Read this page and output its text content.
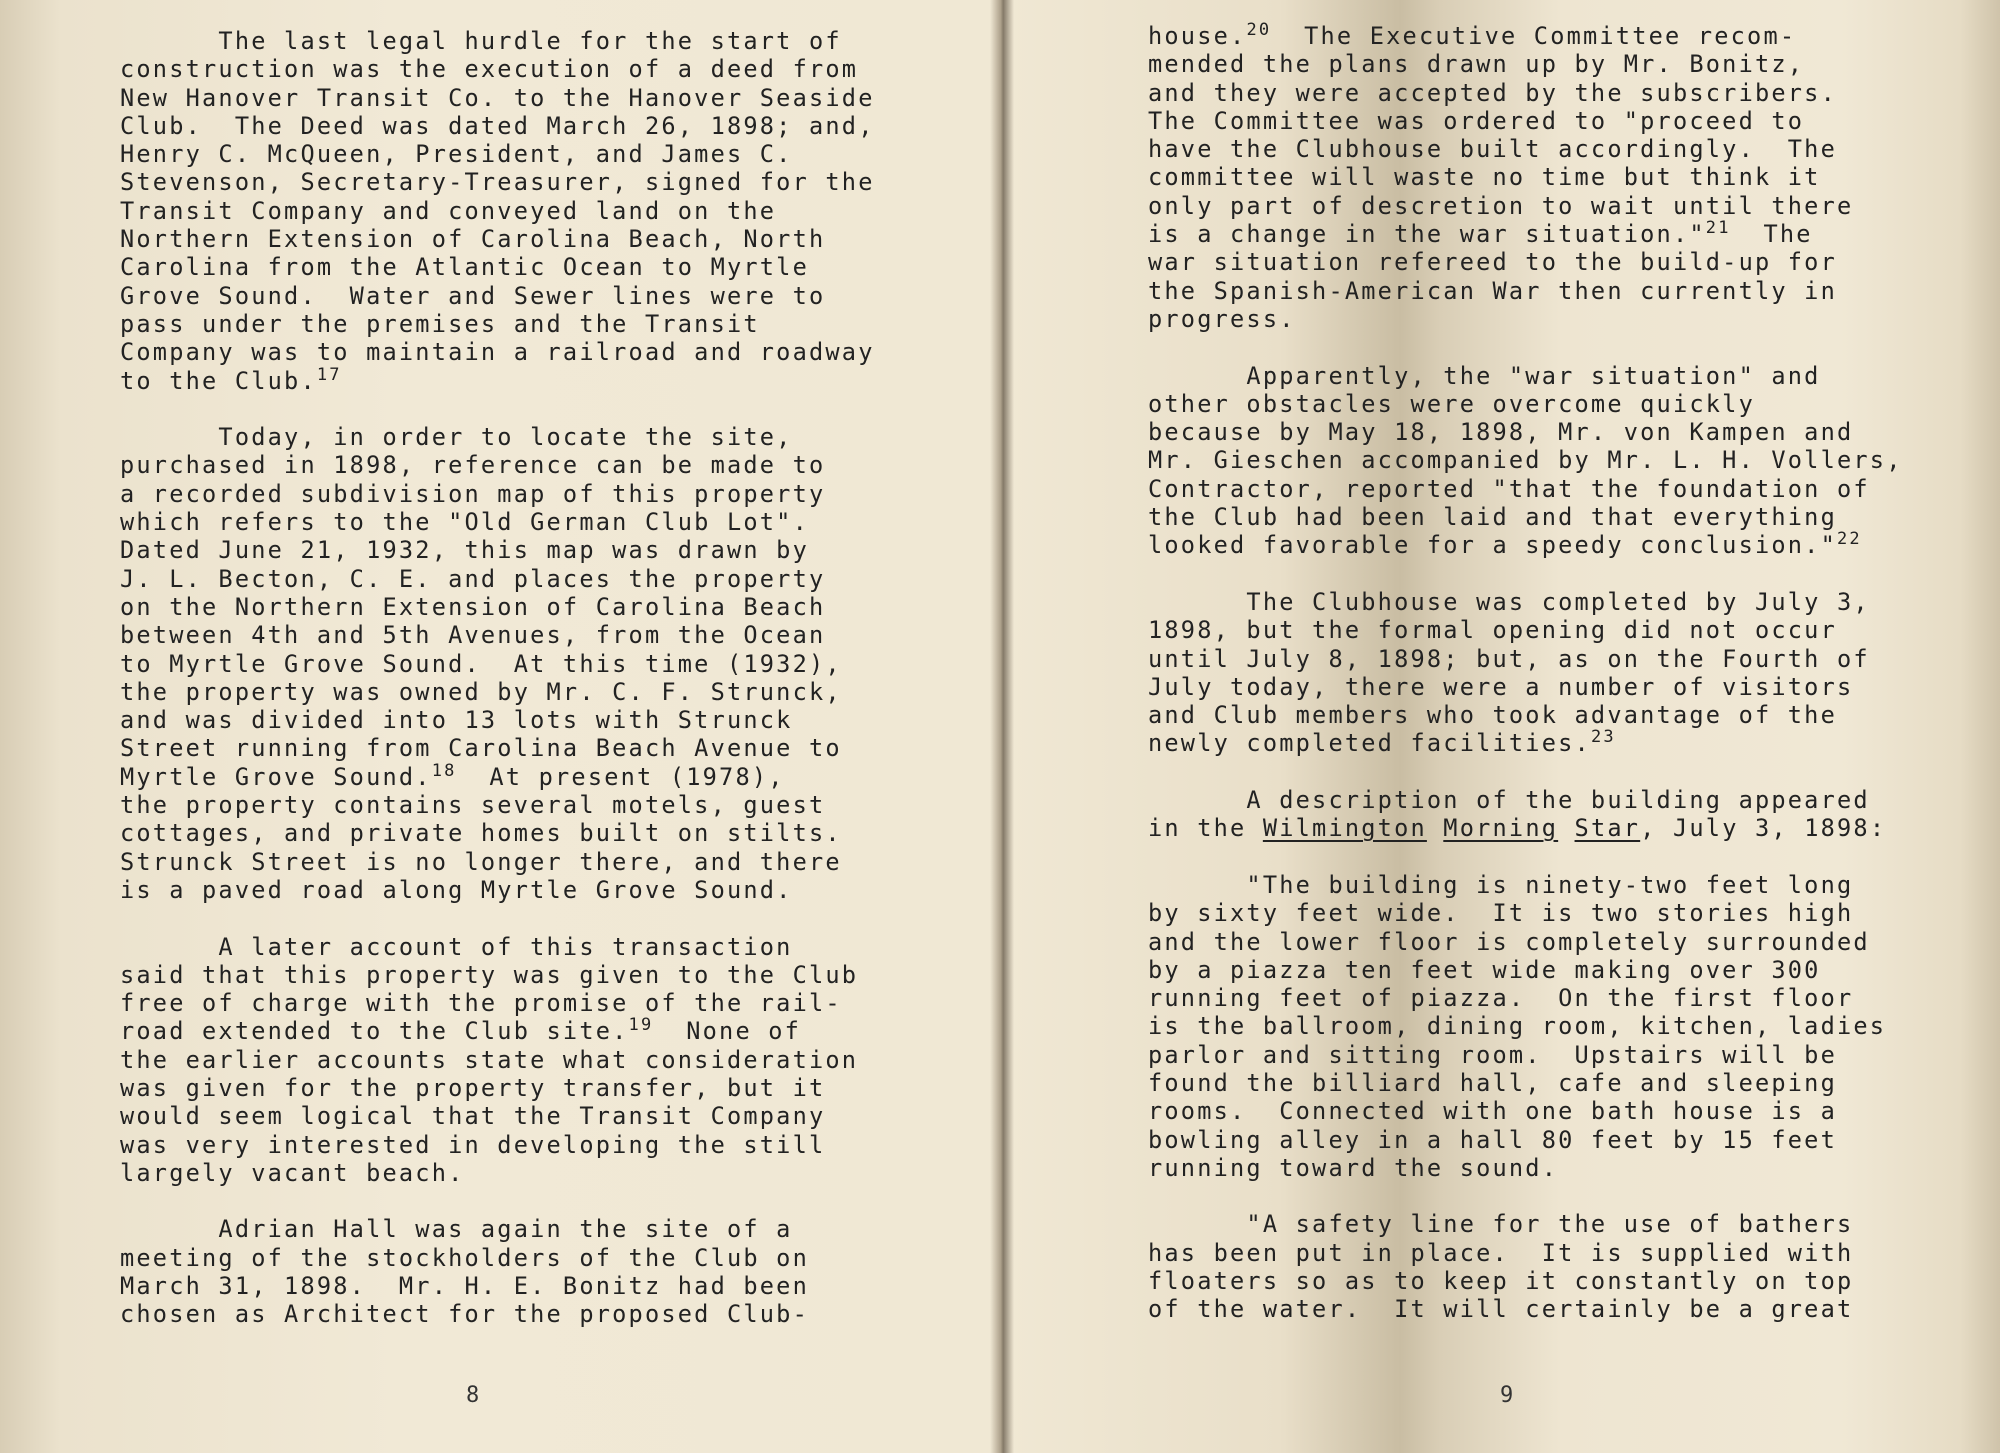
The last legal hurdle for the start of
construction was the execution of a deed from
New Hanover Transit Co. to the Hanover Seaside
Club.  The Deed was dated March 26, 1898; and,
Henry C. McQueen, President, and James C.
Stevenson, Secretary-Treasurer, signed for the
Transit Company and conveyed land on the
Northern Extension of Carolina Beach, North
Carolina from the Atlantic Ocean to Myrtle
Grove Sound.  Water and Sewer lines were to
pass under the premises and the Transit
Company was to maintain a railroad and roadway
to the Club.$^{17}$
Today, in order to locate the site,
purchased in 1898, reference can be made to
a recorded subdivision map of this property
which refers to the "Old German Club Lot".
Dated June 21, 1932, this map was drawn by
J. L. Becton, C. E. and places the property
on the Northern Extension of Carolina Beach
between 4th and 5th Avenues, from the Ocean
to Myrtle Grove Sound.  At this time (1932),
the property was owned by Mr. C. F. Strunck,
and was divided into 13 lots with Strunck
Street running from Carolina Beach Avenue to
Myrtle Grove Sound.$^{18}$  At present (1978),
the property contains several motels, guest
cottages, and private homes built on stilts.
Strunck Street is no longer there, and there
is a paved road along Myrtle Grove Sound.
A later account of this transaction
said that this property was given to the Club
free of charge with the promise of the rail-
road extended to the Club site.$^{19}$  None of
the earlier accounts state what consideration
was given for the property transfer, but it
would seem logical that the Transit Company
was very interested in developing the still
largely vacant beach.
Adrian Hall was again the site of a
meeting of the stockholders of the Club on
March 31, 1898.  Mr. H. E. Bonitz had been
chosen as Architect for the proposed Club-
8
house.$^{20}$  The Executive Committee recom-
mended the plans drawn up by Mr. Bonitz,
and they were accepted by the subscribers.
The Committee was ordered to "proceed to
have the Clubhouse built accordingly.  The
committee will waste no time but think it
only part of descretion to wait until there
is a change in the war situation."$^{21}$  The
war situation refereed to the build-up for
the Spanish-American War then currently in
progress.
Apparently, the "war situation" and
other obstacles were overcome quickly
because by May 18, 1898, Mr. von Kampen and
Mr. Gieschen accompanied by Mr. L. H. Vollers,
Contractor, reported "that the foundation of
the Club had been laid and that everything
looked favorable for a speedy conclusion."$^{22}$
The Clubhouse was completed by July 3,
1898, but the formal opening did not occur
until July 8, 1898; but, as on the Fourth of
July today, there were a number of visitors
and Club members who took advantage of the
newly completed facilities.$^{23}$
A description of the building appeared
in the Wilmington Morning Star, July 3, 1898:
"The building is ninety-two feet long
by sixty feet wide.  It is two stories high
and the lower floor is completely surrounded
by a piazza ten feet wide making over 300
running feet of piazza.  On the first floor
is the ballroom, dining room, kitchen, ladies
parlor and sitting room.  Upstairs will be
found the billiard hall, cafe and sleeping
rooms.  Connected with one bath house is a
bowling alley in a hall 80 feet by 15 feet
running toward the sound.
"A safety line for the use of bathers
has been put in place.  It is supplied with
floaters so as to keep it constantly on top
of the water.  It will certainly be a great
9
